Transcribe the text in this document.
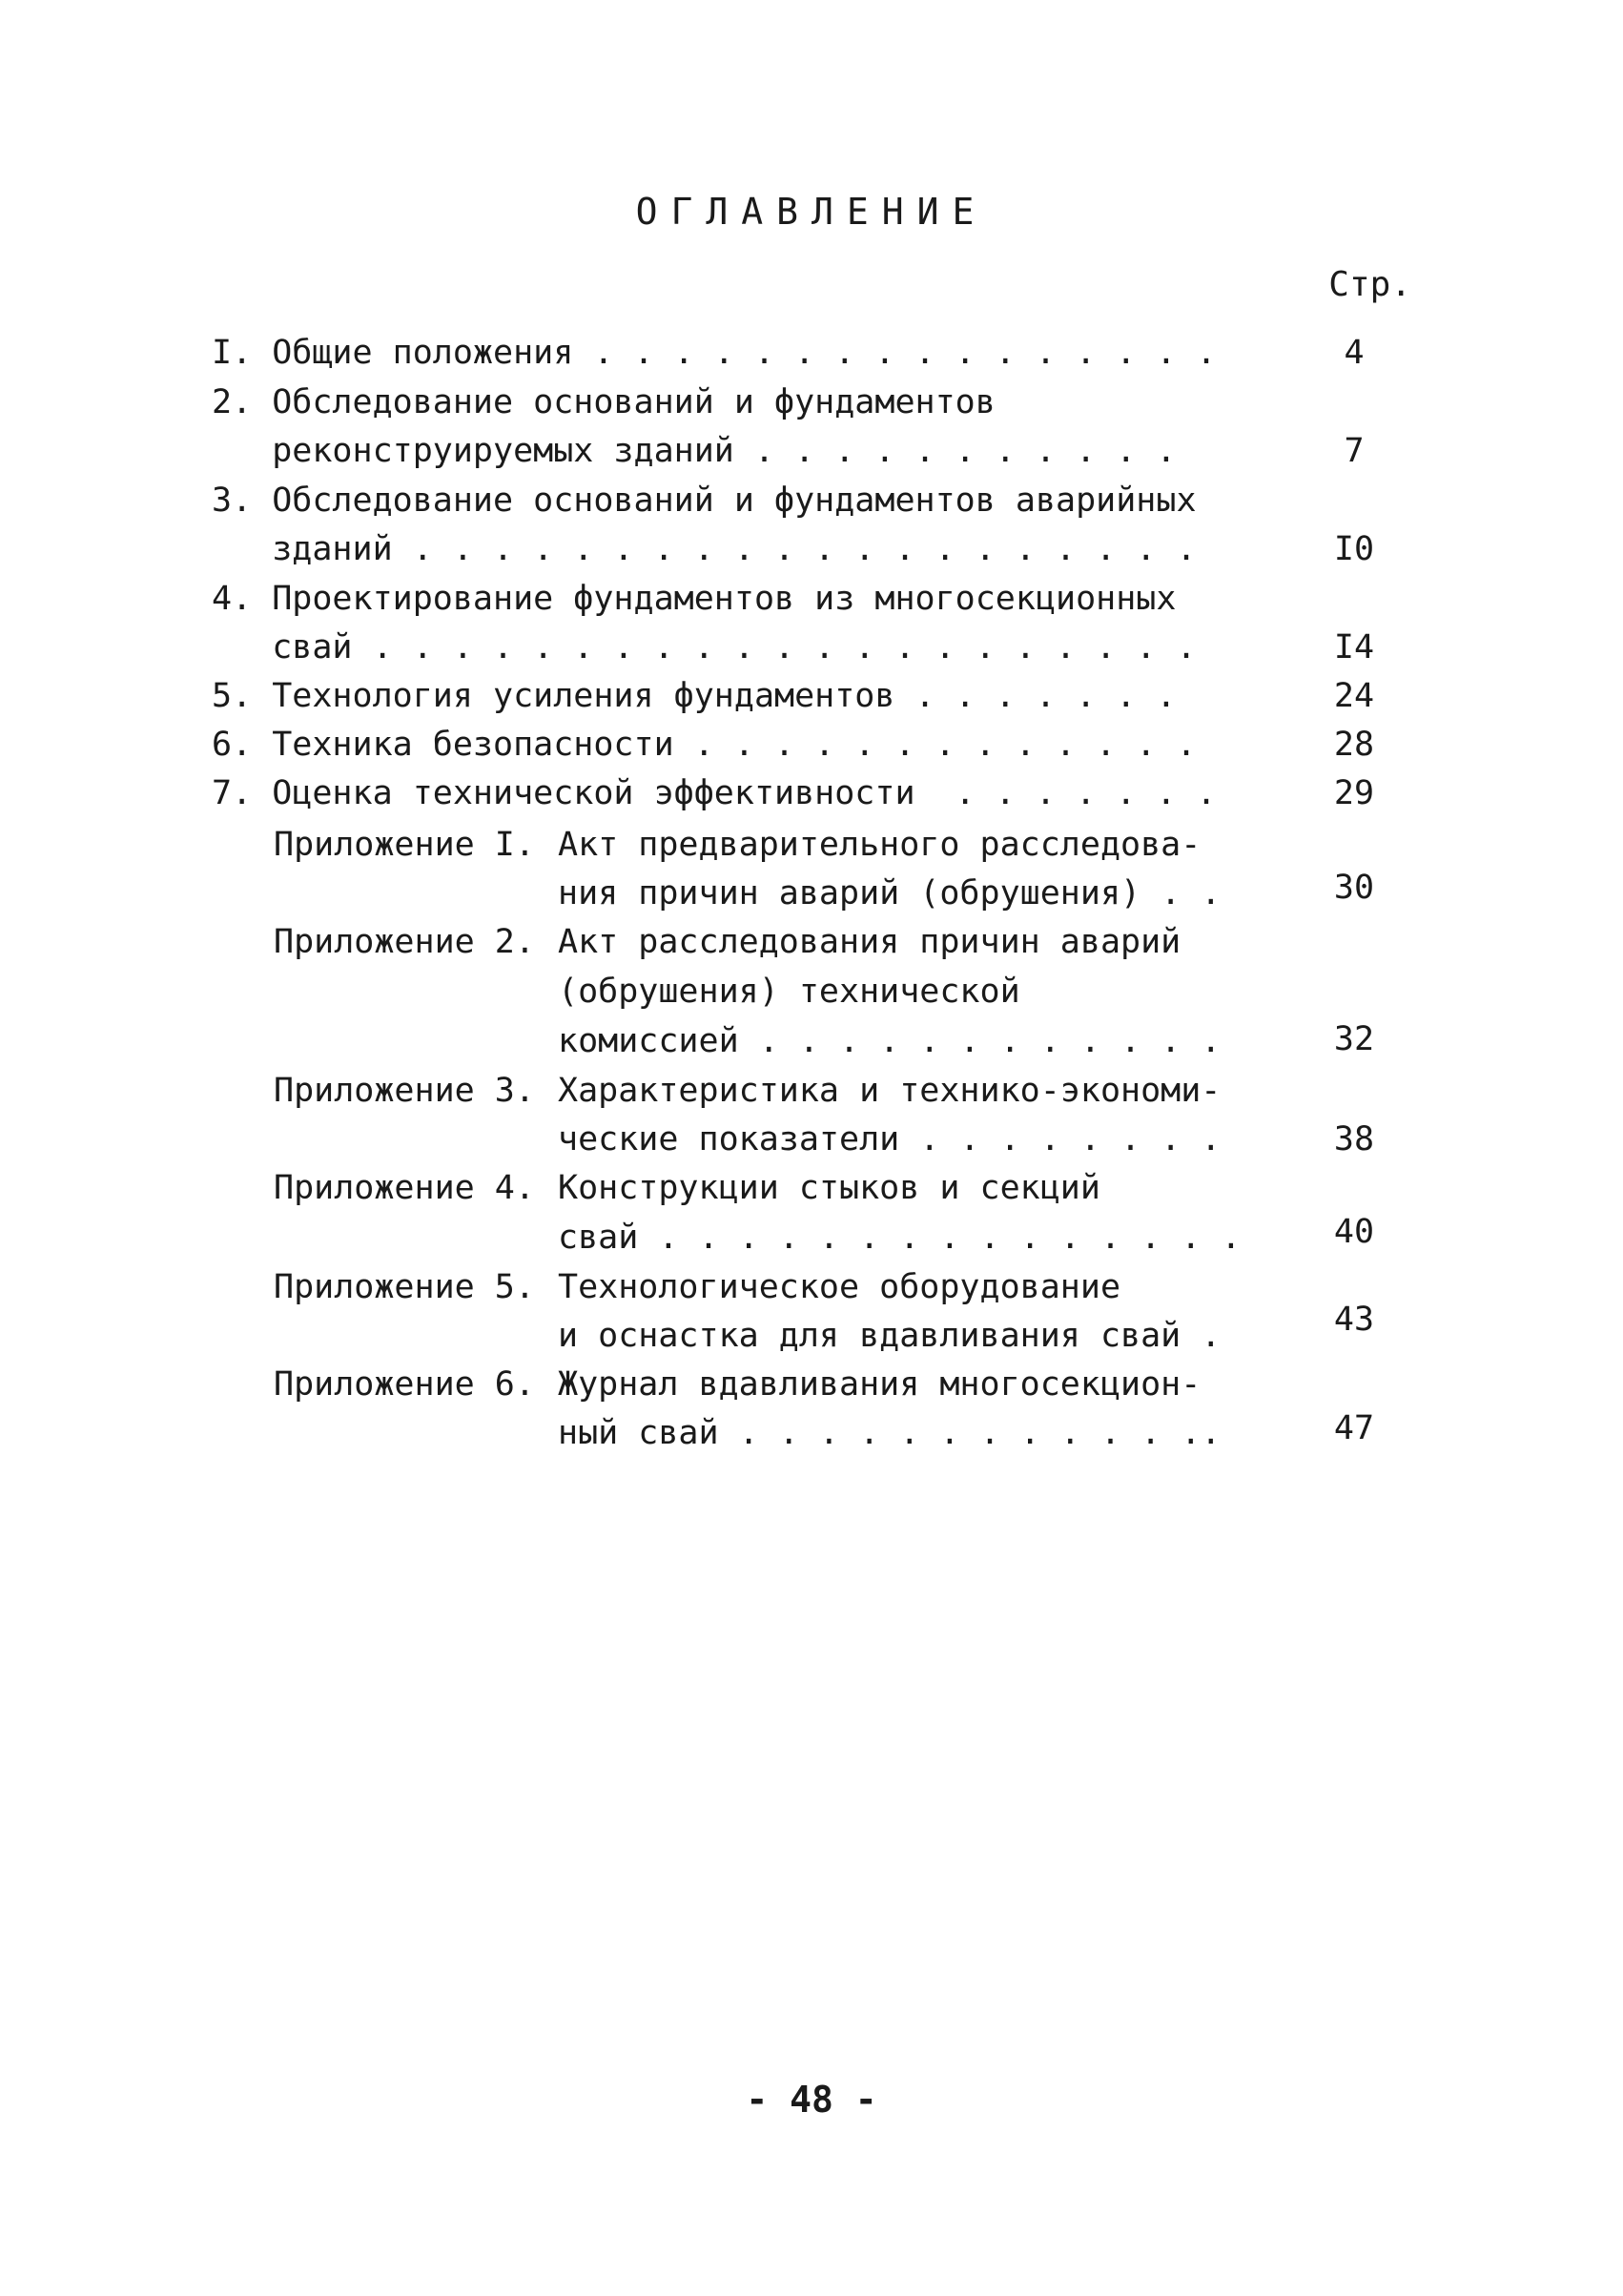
ОГЛАВЛЕНИЕ
Стр.
I. Общие положения . . . . . . . . . . . . . . . .	4
2. Обследование оснований и фундаментов
реконструируемых зданий . . . . . . . . . . .	7
3. Обследование оснований и фундаментов аварийных
зданий . . . . . . . . . . . . . . . . . . . .	I0
4. Проектирование фундаментов из многосекционных
свай . . . . . . . . . . . . . . . . . . . . .	I4
5. Технология усиления фундаментов . . . . . . .	24
6. Техника безопасности . . . . . . . . . . . . .	28
7. Оценка технической эффективности  . . . . . . .	29
Приложение I. Акт предварительного расследова-
ния причин аварий (обрушения) . .	30
Приложение 2. Акт расследования причин аварий
(обрушения) технической
комиссией . . . . . . . . . . . .	32
Приложение 3. Характеристика и технико-экономи-
ческие показатели . . . . . . . .	38
Приложение 4. Конструкции стыков и секций
свай . . . . . . . . . . . . . . .	40
Приложение 5. Технологическое оборудование
и оснастка для вдавливания свай .	43
Приложение 6. Журнал вдавливания многосекцион-
ный свай . . . . . . . . . . . ..	47
- 48 -
